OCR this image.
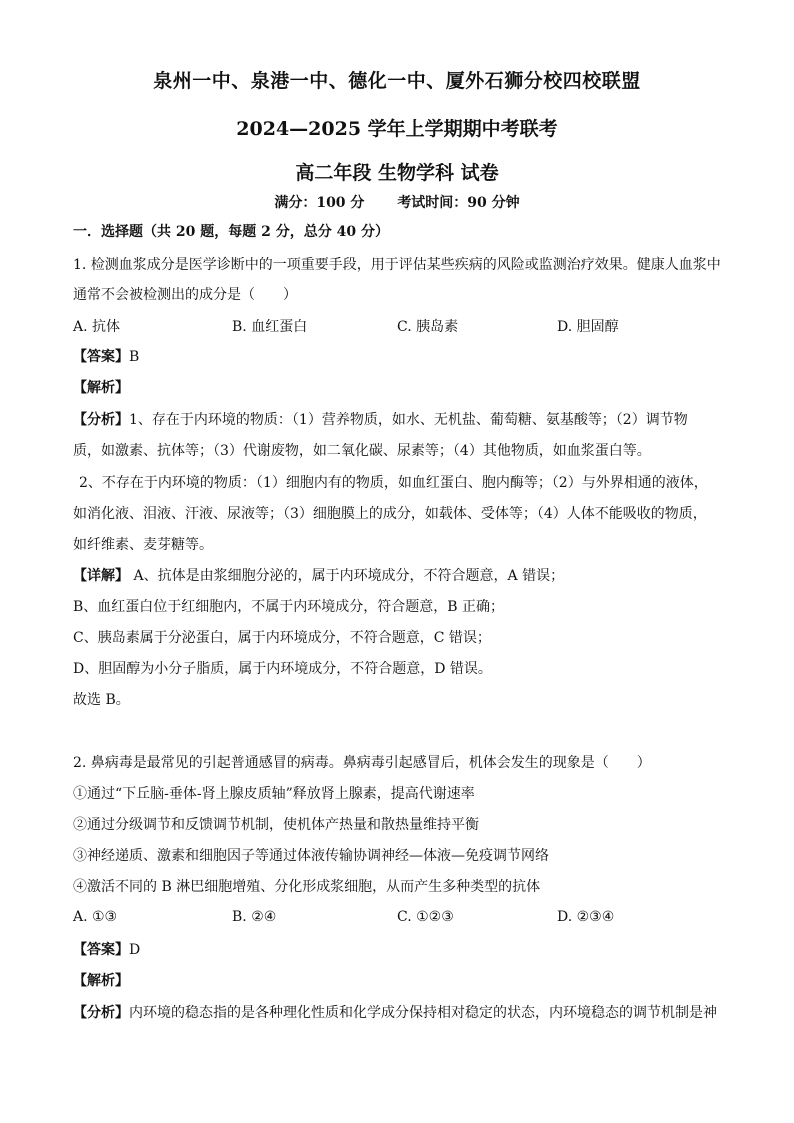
泉州一中、泉港一中、德化一中、厦外石狮分校四校联盟
2024—2025 学年上学期期中考联考
高二年段 生物学科 试卷
满分：100 分 考试时间：90 分钟
一．选择题（共 20 题，每题 2 分，总分 40 分）
1. 检测血浆成分是医学诊断中的一项重要手段，用于评估某些疾病的风险或监测治疗效果。健康人血浆中
通常不会被检测出的成分是（　　）
A. 抗体	B. 血红蛋白	C. 胰岛素	D. 胆固醇
【答案】B
【解析】
【分析】1、存在于内环境的物质：（1）营养物质，如水、无机盐、葡萄糖、氨基酸等；（2）调节物
质，如激素、抗体等；（3）代谢废物，如二氧化碳、尿素等；（4）其他物质，如血浆蛋白等。
2、不存在于内环境的物质：（1）细胞内有的物质，如血红蛋白、胞内酶等；（2）与外界相通的液体，
如消化液、泪液、汗液、尿液等；（3）细胞膜上的成分，如载体、受体等；（4）人体不能吸收的物质，
如纤维素、麦芽糖等。
【详解】 A、抗体是由浆细胞分泌的，属于内环境成分，不符合题意，A 错误；
B、血红蛋白位于红细胞内，不属于内环境成分，符合题意，B 正确；
C、胰岛素属于分泌蛋白，属于内环境成分，不符合题意，C 错误；
D、胆固醇为小分子脂质，属于内环境成分，不符合题意，D 错误。
故选 B。
2. 鼻病毒是最常见的引起普通感冒的病毒。鼻病毒引起感冒后，机体会发生的现象是（　　）
①通过“下丘脑-垂体-肾上腺皮质轴”释放肾上腺素，提高代谢速率
②通过分级调节和反馈调节机制，使机体产热量和散热量维持平衡
③神经递质、激素和细胞因子等通过体液传输协调神经—体液—免疫调节网络
④激活不同的 B 淋巴细胞增殖、分化形成浆细胞，从而产生多种类型的抗体
A. ①③	B. ②④	C. ①②③	D. ②③④
【答案】D
【解析】
【分析】内环境的稳态指的是各种理化性质和化学成分保持相对稳定的状态，内环境稳态的调节机制是神
